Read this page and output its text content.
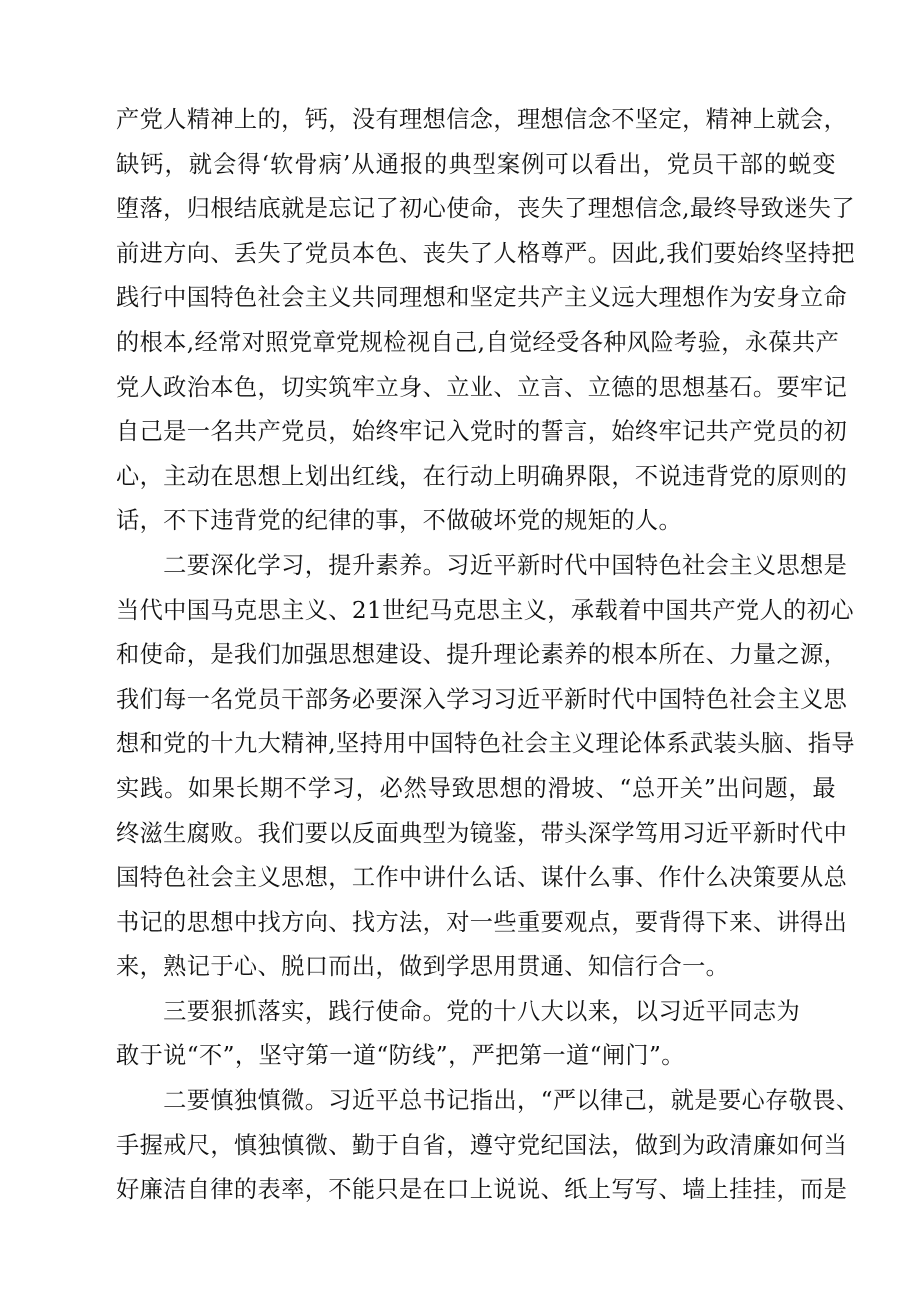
产党人精神上的，钙，没有理想信念，理想信念不坚定，精神上就会，
缺钙，就会得‘软骨病’从通报的典型案例可以看出，党员干部的蜕变
堕落，归根结底就是忘记了初心使命，丧失了理想信念,最终导致迷失了
前进方向、丢失了党员本色、丧失了人格尊严。因此,我们要始终坚持把
践行中国特色社会主义共同理想和坚定共产主义远大理想作为安身立命
的根本,经常对照党章党规检视自己,自觉经受各种风险考验，永葆共产
党人政治本色，切实筑牢立身、立业、立言、立德的思想基石。要牢记
自己是一名共产党员，始终牢记入党时的誓言，始终牢记共产党员的初
心，主动在思想上划出红线，在行动上明确界限，不说违背党的原则的
话，不下违背党的纪律的事，不做破坏党的规矩的人。
　　二要深化学习，提升素养。习近平新时代中国特色社会主义思想是
当代中国马克思主义、21世纪马克思主义，承载着中国共产党人的初心
和使命，是我们加强思想建设、提升理论素养的根本所在、力量之源，
我们每一名党员干部务必要深入学习习近平新时代中国特色社会主义思
想和党的十九大精神,坚持用中国特色社会主义理论体系武装头脑、指导
实践。如果长期不学习，必然导致思想的滑坡、“总开关”出问题，最
终滋生腐败。我们要以反面典型为镜鉴，带头深学笃用习近平新时代中
国特色社会主义思想，工作中讲什么话、谋什么事、作什么决策要从总
书记的思想中找方向、找方法，对一些重要观点，要背得下来、讲得出
来，熟记于心、脱口而出，做到学思用贯通、知信行合一。
　　三要狠抓落实，践行使命。党的十八大以来，以习近平同志为
敢于说“不”，坚守第一道“防线”，严把第一道“闸门”。
　　二要慎独慎微。习近平总书记指出，“严以律己，就是要心存敬畏、
手握戒尺，慎独慎微、勤于自省，遵守党纪国法，做到为政清廉如何当
好廉洁自律的表率，不能只是在口上说说、纸上写写、墙上挂挂，而是
